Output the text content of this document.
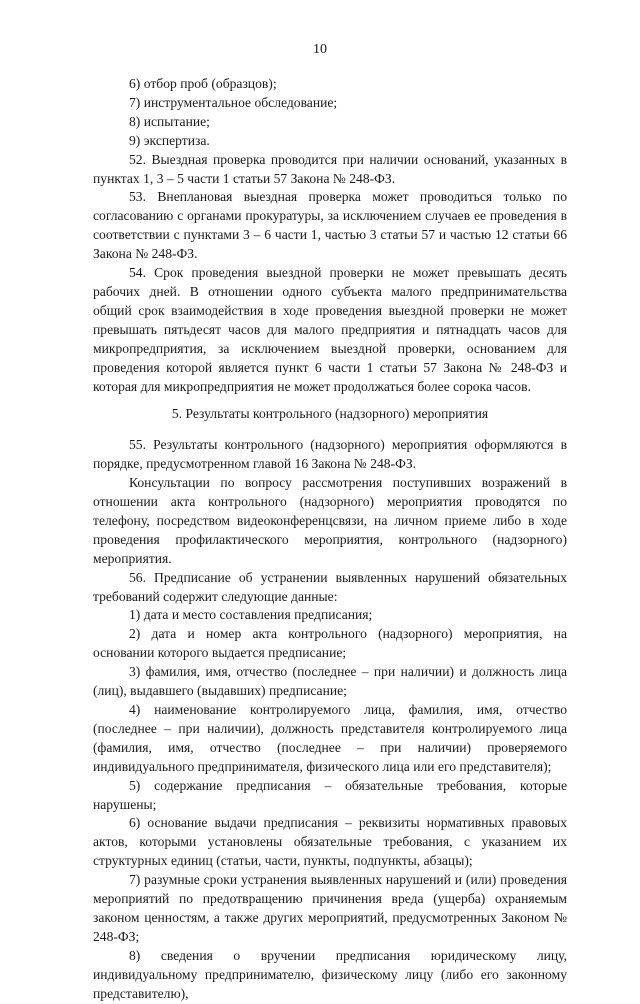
10

6) отбор проб (образцов);

7) инструментальное обследование;

8) испытание;

9) экспертиза.

52. Выездная проверка проводится при наличии оснований, указанных в пунктах 1, 3 – 5 части 1 статьи 57 Закона № 248-ФЗ.

53. Внеплановая выездная проверка может проводиться только по согласованию с органами прокуратуры, за исключением случаев ее проведения в соответствии с пунктами 3 – 6 части 1, частью 3 статьи 57 и частью 12 статьи 66 Закона № 248-ФЗ.

54. Срок проведения выездной проверки не может превышать десять рабочих дней. В отношении одного субъекта малого предпринимательства общий срок взаимодействия в ходе проведения выездной проверки не может превышать пятьдесят часов для малого предприятия и пятнадцать часов для микропредприятия, за исключением выездной проверки, основанием для проведения которой является пункт 6 части 1 статьи 57 Закона № 248-ФЗ и которая для микропредприятия не может продолжаться более сорока часов.

5. Результаты контрольного (надзорного) мероприятия

55. Результаты контрольного (надзорного) мероприятия оформляются в порядке, предусмотренном главой 16 Закона № 248-ФЗ.

Консультации по вопросу рассмотрения поступивших возражений в отношении акта контрольного (надзорного) мероприятия проводятся по телефону, посредством видеоконференцсвязи, на личном приеме либо в ходе проведения профилактического мероприятия, контрольного (надзорного) мероприятия.

56. Предписание об устранении выявленных нарушений обязательных требований содержит следующие данные:

1) дата и место составления предписания;

2) дата и номер акта контрольного (надзорного) мероприятия, на основании которого выдается предписание;

3) фамилия, имя, отчество (последнее – при наличии) и должность лица (лиц), выдавшего (выдавших) предписание;

4) наименование контролируемого лица, фамилия, имя, отчество (последнее – при наличии), должность представителя контролируемого лица (фамилия, имя, отчество (последнее – при наличии) проверяемого индивидуального предпринимателя, физического лица или его представителя);

5) содержание предписания – обязательные требования, которые нарушены;

6) основание выдачи предписания – реквизиты нормативных правовых актов, которыми установлены обязательные требования, с указанием их структурных единиц (статьи, части, пункты, подпункты, абзацы);

7) разумные сроки устранения выявленных нарушений и (или) проведения мероприятий по предотвращению причинения вреда (ущерба) охраняемым законом ценностям, а также других мероприятий, предусмотренных Законом № 248-ФЗ;

8) сведения о вручении предписания юридическому лицу, индивидуальному предпринимателю, физическому лицу (либо его законному представителю),
